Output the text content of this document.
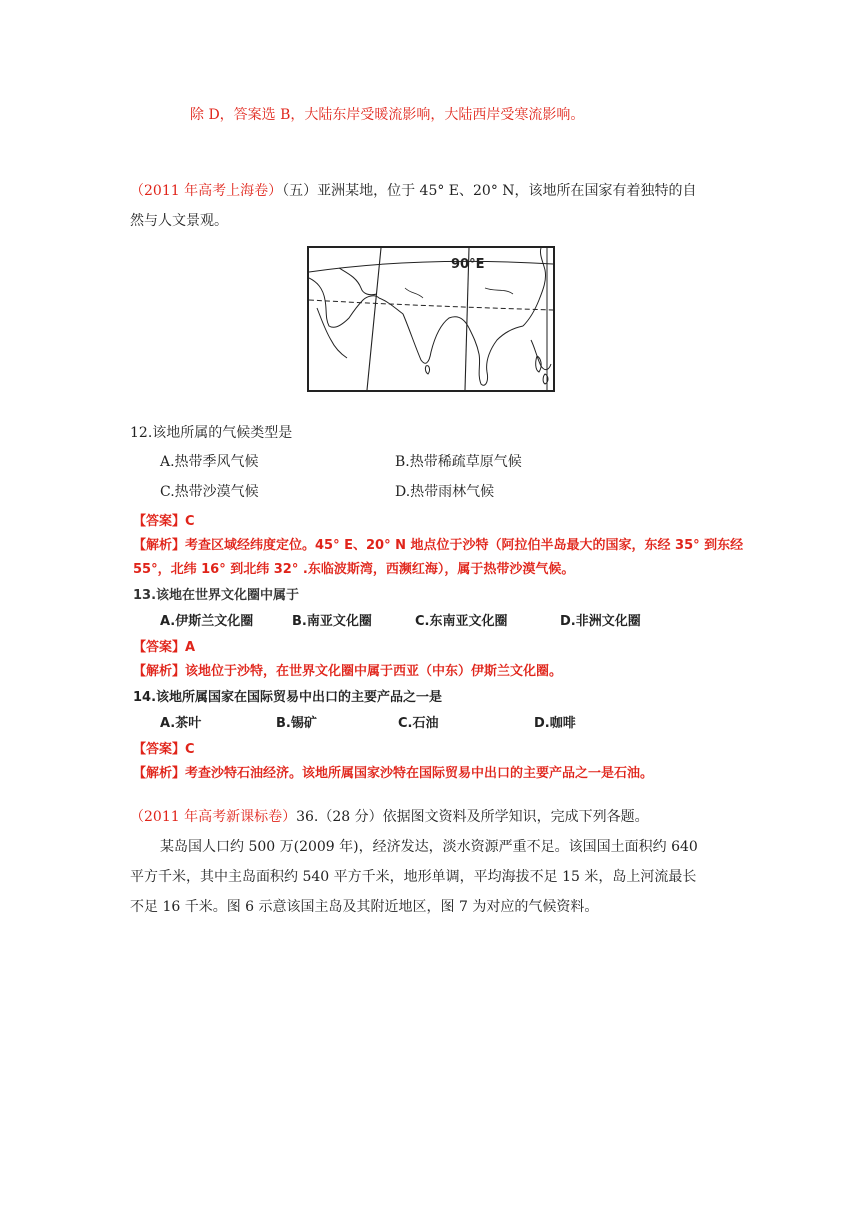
除 D，答案选 B，大陆东岸受暖流影响，大陆西岸受寒流影响。
（2011 年高考上海卷）（五）亚洲某地，位于 45° E、20° N，该地所在国家有着独特的自
然与人文景观。
90°E
12.该地所属的气候类型是
A.热带季风气候	B.热带稀疏草原气候
C.热带沙漠气候	D.热带雨林气候
【答案】C
【解析】考查区域经纬度定位。45° E、20° N 地点位于沙特（阿拉伯半岛最大的国家，东经 35° 到东经
55°，北纬 16° 到北纬 32° .东临波斯湾，西濒红海），属于热带沙漠气候。
13.该地在世界文化圈中属于
A.伊斯兰文化圈	B.南亚文化圈	C.东南亚文化圈	D.非洲文化圈
【答案】A
【解析】该地位于沙特，在世界文化圈中属于西亚（中东）伊斯兰文化圈。
14.该地所属国家在国际贸易中出口的主要产品之一是
A.茶叶	B.锡矿	C.石油	D.咖啡
【答案】C
【解析】考查沙特石油经济。该地所属国家沙特在国际贸易中出口的主要产品之一是石油。
（2011 年高考新课标卷）36.（28 分）依据图文资料及所学知识，完成下列各题。
某岛国人口约 500 万(2009 年)，经济发达，淡水资源严重不足。该国国土面积约 640
平方千米，其中主岛面积约 540 平方千米，地形单调，平均海拔不足 15 米，岛上河流最长
不足 16 千米。图 6 示意该国主岛及其附近地区，图 7 为对应的气候资料。
